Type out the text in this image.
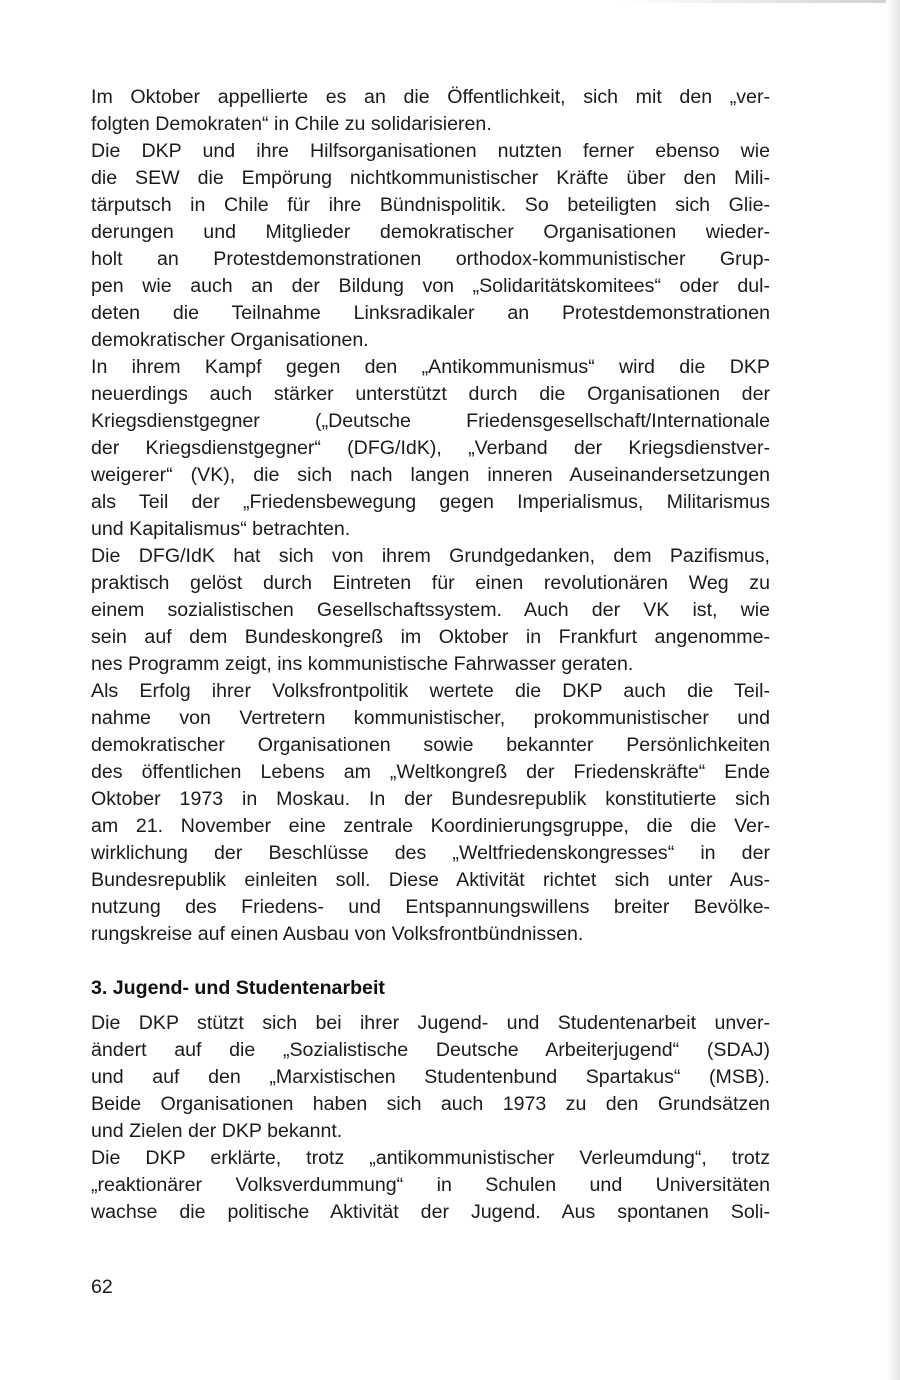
Im Oktober appellierte es an die Öffentlichkeit, sich mit den „ver-
folgten Demokraten“ in Chile zu solidarisieren.

Die DKP und ihre Hilfsorganisationen nutzten ferner ebenso wie
die SEW die Empörung nichtkommunistischer Kräfte über den Mili-
tärputsch in Chile für ihre Bündnispolitik. So beteiligten sich Glie-
derungen und Mitglieder demokratischer Organisationen wieder-
holt an Protestdemonstrationen orthodox-kommunistischer Grup-
pen wie auch an der Bildung von „Solidaritätskomitees“ oder dul-
deten die Teilnahme Linksradikaler an Protestdemonstrationen
demokratischer Organisationen.

In ihrem Kampf gegen den „Antikommunismus“ wird die DKP
neuerdings auch stärker unterstützt durch die Organisationen der
Kriegsdienstgegner („Deutsche Friedensgesellschaft/Internationale
der Kriegsdienstgegner“ (DFG/IdK), „Verband der Kriegsdienstver-
weigerer“ (VK), die sich nach langen inneren Auseinandersetzungen
als Teil der „Friedensbewegung gegen Imperialismus, Militarismus
und Kapitalismus“ betrachten.

Die DFG/IdK hat sich von ihrem Grundgedanken, dem Pazifismus,
praktisch gelöst durch Eintreten für einen revolutionären Weg zu
einem sozialistischen Gesellschaftssystem. Auch der VK ist, wie
sein auf dem Bundeskongreß im Oktober in Frankfurt angenomme-
nes Programm zeigt, ins kommunistische Fahrwasser geraten.

Als Erfolg ihrer Volksfrontpolitik wertete die DKP auch die Teil-
nahme von Vertretern kommunistischer, prokommunistischer und
demokratischer Organisationen sowie bekannter Persönlichkeiten
des öffentlichen Lebens am „Weltkongreß der Friedenskräfte“ Ende
Oktober 1973 in Moskau. In der Bundesrepublik konstitutierte sich
am 21. November eine zentrale Koordinierungsgruppe, die die Ver-
wirklichung der Beschlüsse des „Weltfriedenskongresses“ in der
Bundesrepublik einleiten soll. Diese Aktivität richtet sich unter Aus-
nutzung des Friedens- und Entspannungswillens breiter Bevölke-
rungskreise auf einen Ausbau von Volksfrontbündnissen.

3. Jugend- und Studentenarbeit

Die DKP stützt sich bei ihrer Jugend- und Studentenarbeit unver-
ändert auf die „Sozialistische Deutsche Arbeiterjugend“ (SDAJ)
und auf den „Marxistischen Studentenbund Spartakus“ (MSB).
Beide Organisationen haben sich auch 1973 zu den Grundsätzen
und Zielen der DKP bekannt.

Die DKP erklärte, trotz „antikommunistischer Verleumdung“, trotz
„reaktionärer Volksverdummung“ in Schulen und Universitäten
wachse die politische Aktivität der Jugend. Aus spontanen Soli-

62
